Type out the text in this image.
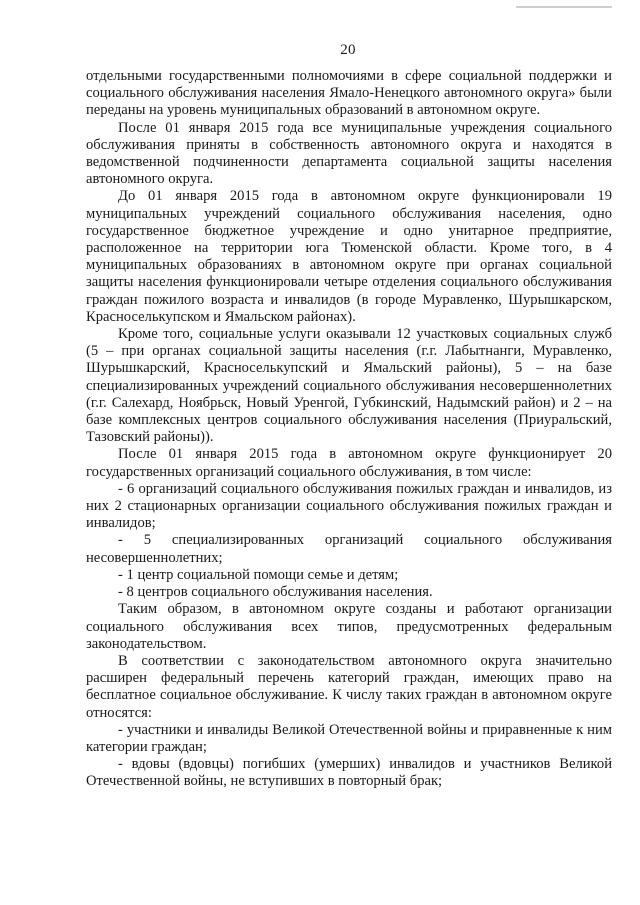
20

отдельными государственными полномочиями в сфере социальной поддержки и социального обслуживания населения Ямало-Ненецкого автономного округа» были переданы на уровень муниципальных образований в автономном округе.

После 01 января 2015 года все муниципальные учреждения социального обслуживания приняты в собственность автономного округа и находятся в ведомственной подчиненности департамента социальной защиты населения автономного округа.

До 01 января 2015 года в автономном округе функционировали 19 муниципальных учреждений социального обслуживания населения, одно государственное бюджетное учреждение и одно унитарное предприятие, расположенное на территории юга Тюменской области. Кроме того, в 4 муниципальных образованиях в автономном округе при органах социальной защиты населения функционировали четыре отделения социального обслуживания граждан пожилого возраста и инвалидов (в городе Муравленко, Шурышкарском, Красноселькупском и Ямальском районах).

Кроме того, социальные услуги оказывали 12 участковых социальных служб (5 – при органах социальной защиты населения (г.г. Лабытнанги, Муравленко, Шурышкарский, Красноселькупский и Ямальский районы), 5 – на базе специализированных учреждений социального обслуживания несовершеннолетних (г.г. Салехард, Ноябрьск, Новый Уренгой, Губкинский, Надымский район) и 2 – на базе комплексных центров социального обслуживания населения (Приуральский, Тазовский районы)).

После 01 января 2015 года в автономном округе функционирует 20 государственных организаций социального обслуживания, в том числе:

- 6 организаций социального обслуживания пожилых граждан и инвалидов, из них 2 стационарных организации социального обслуживания пожилых граждан и инвалидов;

- 5 специализированных организаций социального обслуживания несовершеннолетних;

- 1 центр социальной помощи семье и детям;

- 8 центров социального обслуживания населения.

Таким образом, в автономном округе созданы и работают организации социального обслуживания всех типов, предусмотренных федеральным законодательством.

В соответствии с законодательством автономного округа значительно расширен федеральный перечень категорий граждан, имеющих право на бесплатное социальное обслуживание. К числу таких граждан в автономном округе относятся:

- участники и инвалиды Великой Отечественной войны и приравненные к ним категории граждан;

- вдовы (вдовцы) погибших (умерших) инвалидов и участников Великой Отечественной войны, не вступивших в повторный брак;
